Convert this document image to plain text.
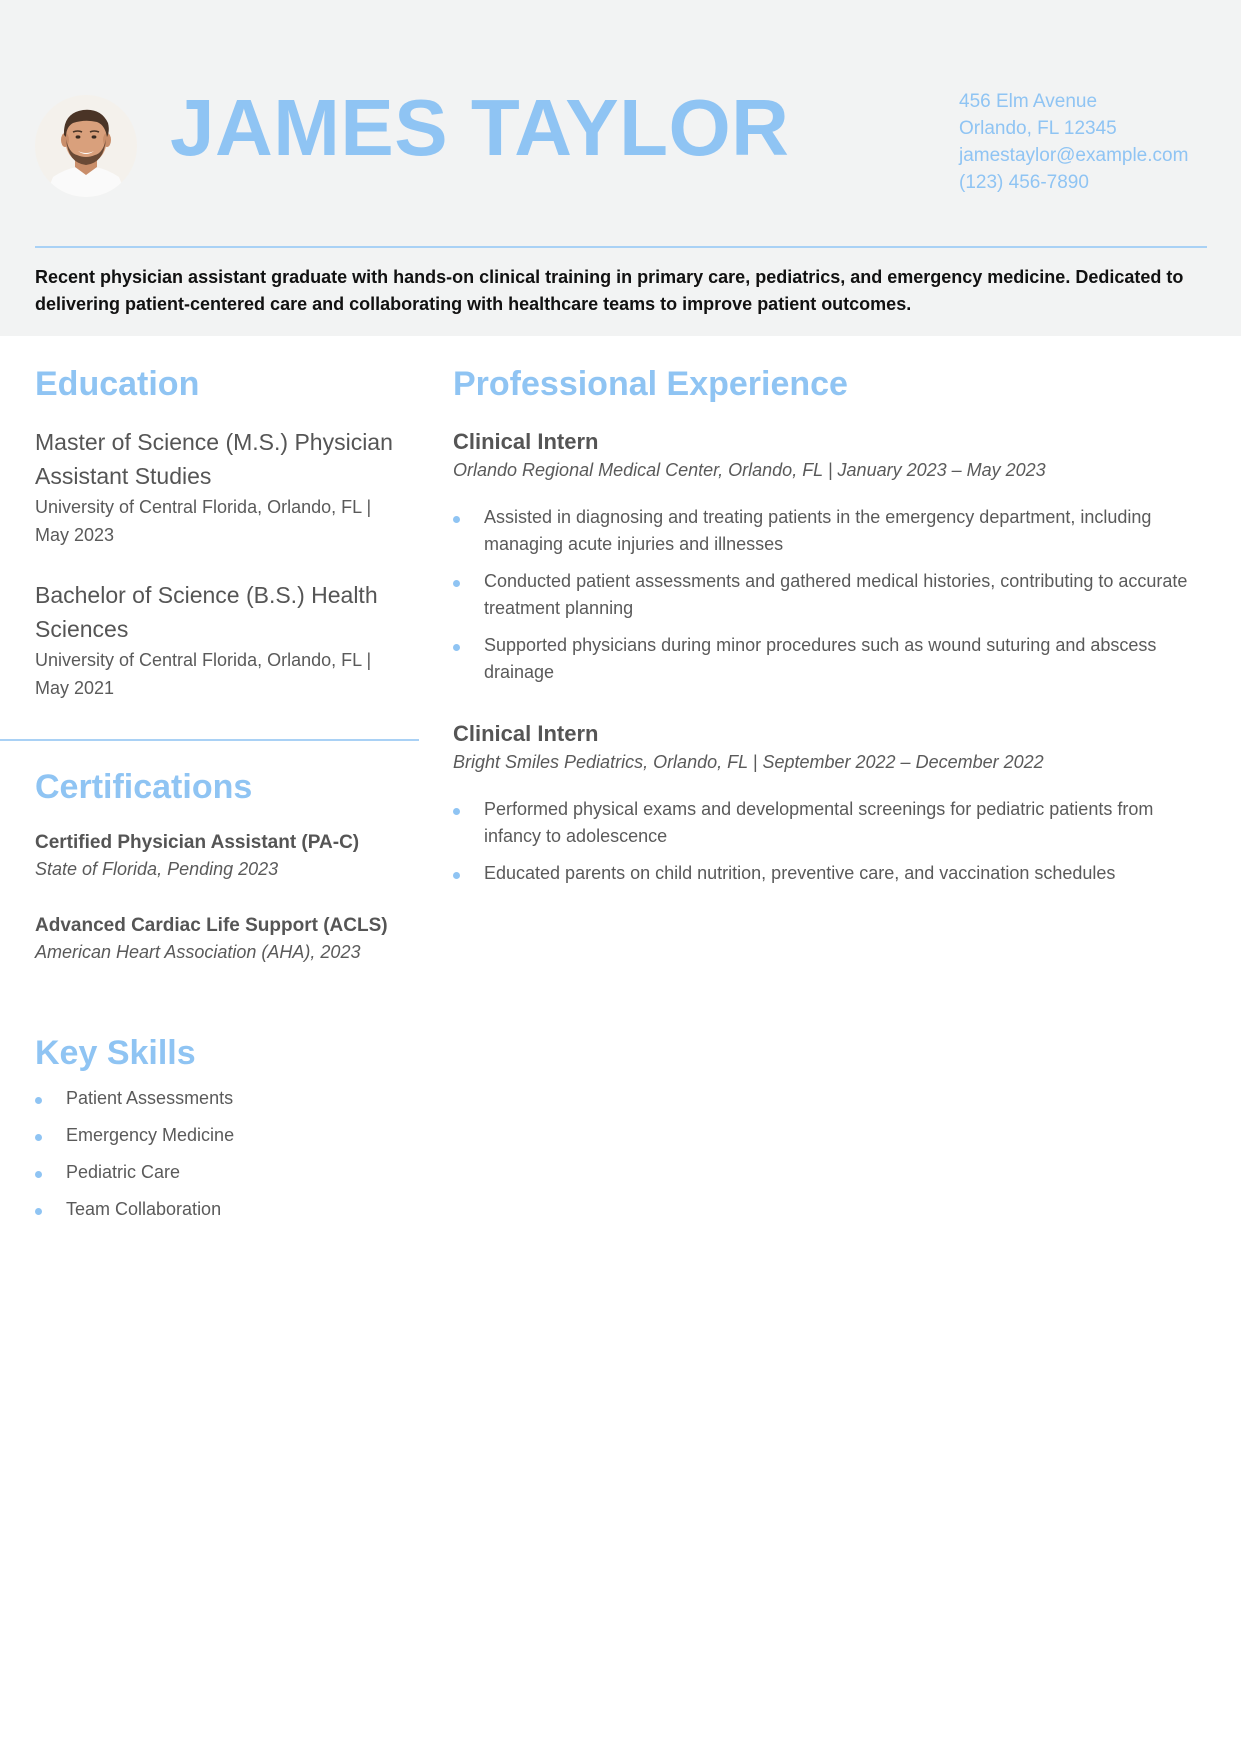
JAMES TAYLOR	456 Elm Avenue
Orlando, FL 12345
jamestaylor@example.com
(123) 456-7890
Recent physician assistant graduate with hands-on clinical training in primary care, pediatrics, and emergency medicine. Dedicated to delivering patient-centered care and collaborating with healthcare teams to improve patient outcomes.
Education
Master of Science (M.S.) Physician Assistant Studies
University of Central Florida, Orlando, FL | May 2023
Bachelor of Science (B.S.) Health Sciences
University of Central Florida, Orlando, FL | May 2021
Certifications
Certified Physician Assistant (PA-C)
State of Florida, Pending 2023
Advanced Cardiac Life Support (ACLS)
American Heart Association (AHA), 2023
Key Skills
Patient Assessments
Emergency Medicine
Pediatric Care
Team Collaboration
Professional Experience
Clinical Intern
Orlando Regional Medical Center, Orlando, FL | January 2023 – May 2023
Assisted in diagnosing and treating patients in the emergency department, including managing acute injuries and illnesses
Conducted patient assessments and gathered medical histories, contributing to accurate treatment planning
Supported physicians during minor procedures such as wound suturing and abscess drainage
Clinical Intern
Bright Smiles Pediatrics, Orlando, FL | September 2022 – December 2022
Performed physical exams and developmental screenings for pediatric patients from infancy to adolescence
Educated parents on child nutrition, preventive care, and vaccination schedules
